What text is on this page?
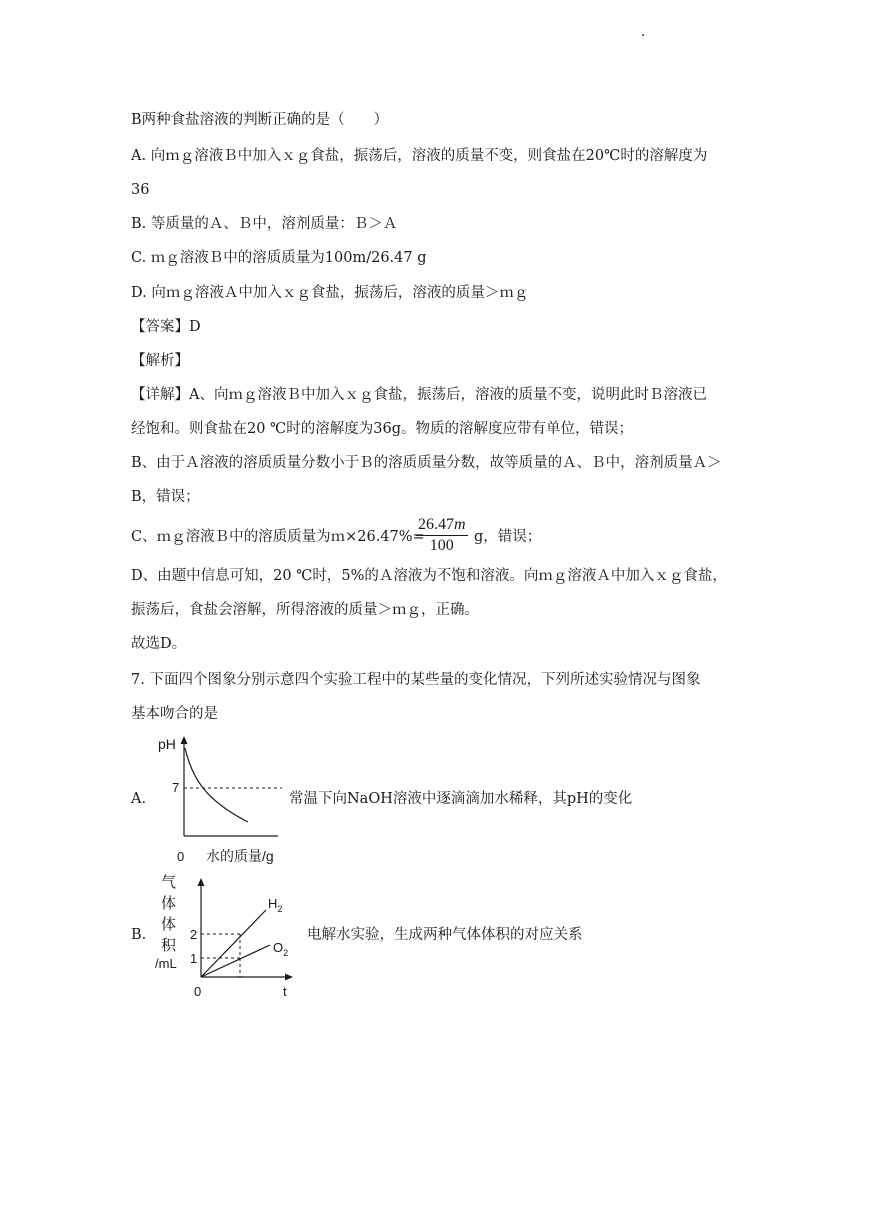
B两种食盐溶液的判断正确的是（　　）
A. 向ｍｇ溶液Ｂ中加入ｘｇ食盐，振荡后，溶液的质量不变，则食盐在20℃时的溶解度为
36
B. 等质量的Ａ、Ｂ中，溶剂质量：Ｂ＞Ａ
C. ｍｇ溶液Ｂ中的溶质质量为100m/26.47 g
D. 向ｍｇ溶液Ａ中加入ｘｇ食盐，振荡后，溶液的质量＞ｍｇ
【答案】D
【解析】
【详解】A、向ｍｇ溶液Ｂ中加入ｘｇ食盐，振荡后，溶液的质量不变，说明此时Ｂ溶液已
经饱和。则食盐在20 ℃时的溶解度为36g。物质的溶解度应带有单位，错误；
B、由于Ａ溶液的溶质质量分数小于Ｂ的溶质质量分数，故等质量的Ａ、Ｂ中，溶剂质量Ａ＞
B，错误；
C、ｍｇ溶液Ｂ中的溶质质量为ｍ×26.47%=
$\frac{26.47m}{100}$ g，错误；
D、由题中信息可知，20 ℃时，5%的Ａ溶液为不饱和溶液。向ｍｇ溶液Ａ中加入ｘｇ食盐，
振荡后，食盐会溶解，所得溶液的质量＞ｍｇ，正确。
故选D。
7. 下面四个图象分别示意四个实验工程中的某些量的变化情况，下列所述实验情况与图象
基本吻合的是
A.	常温下向NaOH溶液中逐滴滴加水稀释，其pH的变化
pH
7
0 水的质量/g
B.	电解水实验，生成两种气体体积的对应关系
气
体
体
积
/mL
2
1
0	t
$H_2$
$O_2$
